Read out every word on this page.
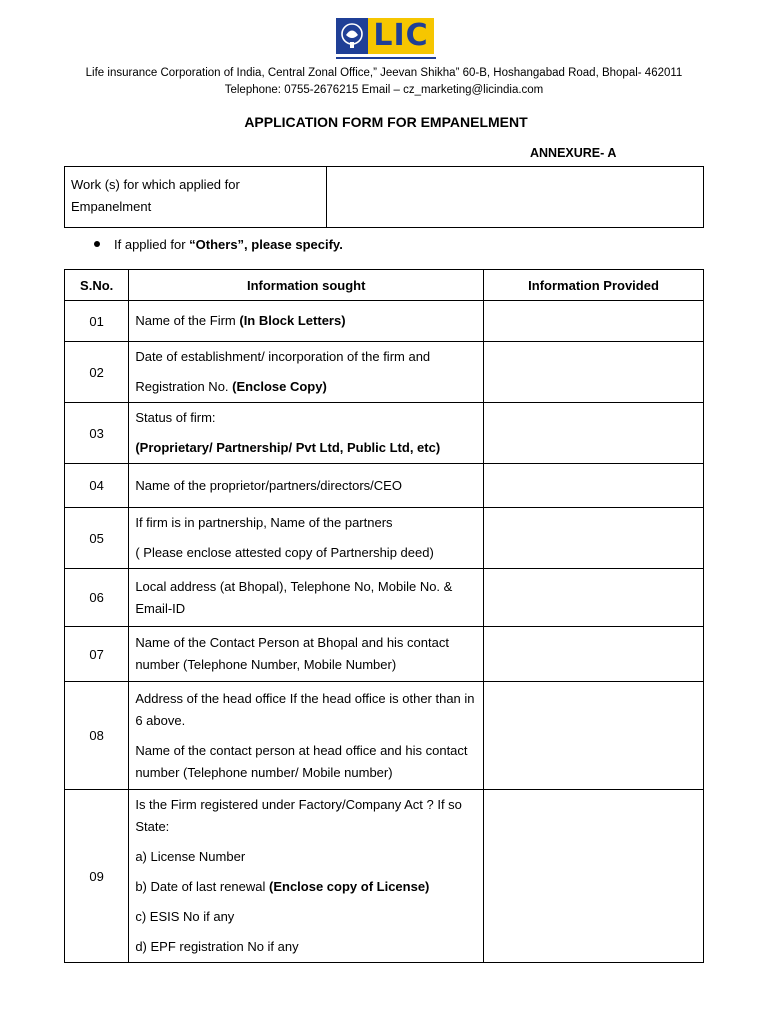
LIC
Life insurance Corporation of India, Central Zonal Office,” Jeevan Shikha” 60-B, Hoshangabad Road, Bhopal- 462011
Telephone: 0755-2676215 Email – cz_marketing@licindia.com
APPLICATION FORM FOR EMPANELMENT
ANNEXURE- A
Work (s) for which applied for Empanelment
If applied for “Others”, please specify.
S.No.	Information sought	Information Provided
01	Name of the Firm (In Block Letters)	
02	Date of establishment/ incorporation of the firm and
Registration No. (Enclose Copy)	

03	Status of firm:
(Proprietary/ Partnership/ Pvt Ltd, Public Ltd, etc)	

04	Name of the proprietor/partners/directors/CEO	
05	If firm is in partnership, Name of the partners
( Please enclose attested copy of Partnership deed)	

06	Local address (at Bhopal), Telephone No, Mobile No. & Email-ID	
07	Name of the Contact Person at Bhopal and his contact number (Telephone Number, Mobile Number)	
08	Address of the head office If the head office is other than in 6 above.
Name of the contact person at head office and his contact number (Telephone number/ Mobile number)	

09	Is the Firm registered under Factory/Company Act ? If so State:
a) License Number
b) Date of last renewal (Enclose copy of License)
c) ESIS No if any
d) EPF registration No if any	
